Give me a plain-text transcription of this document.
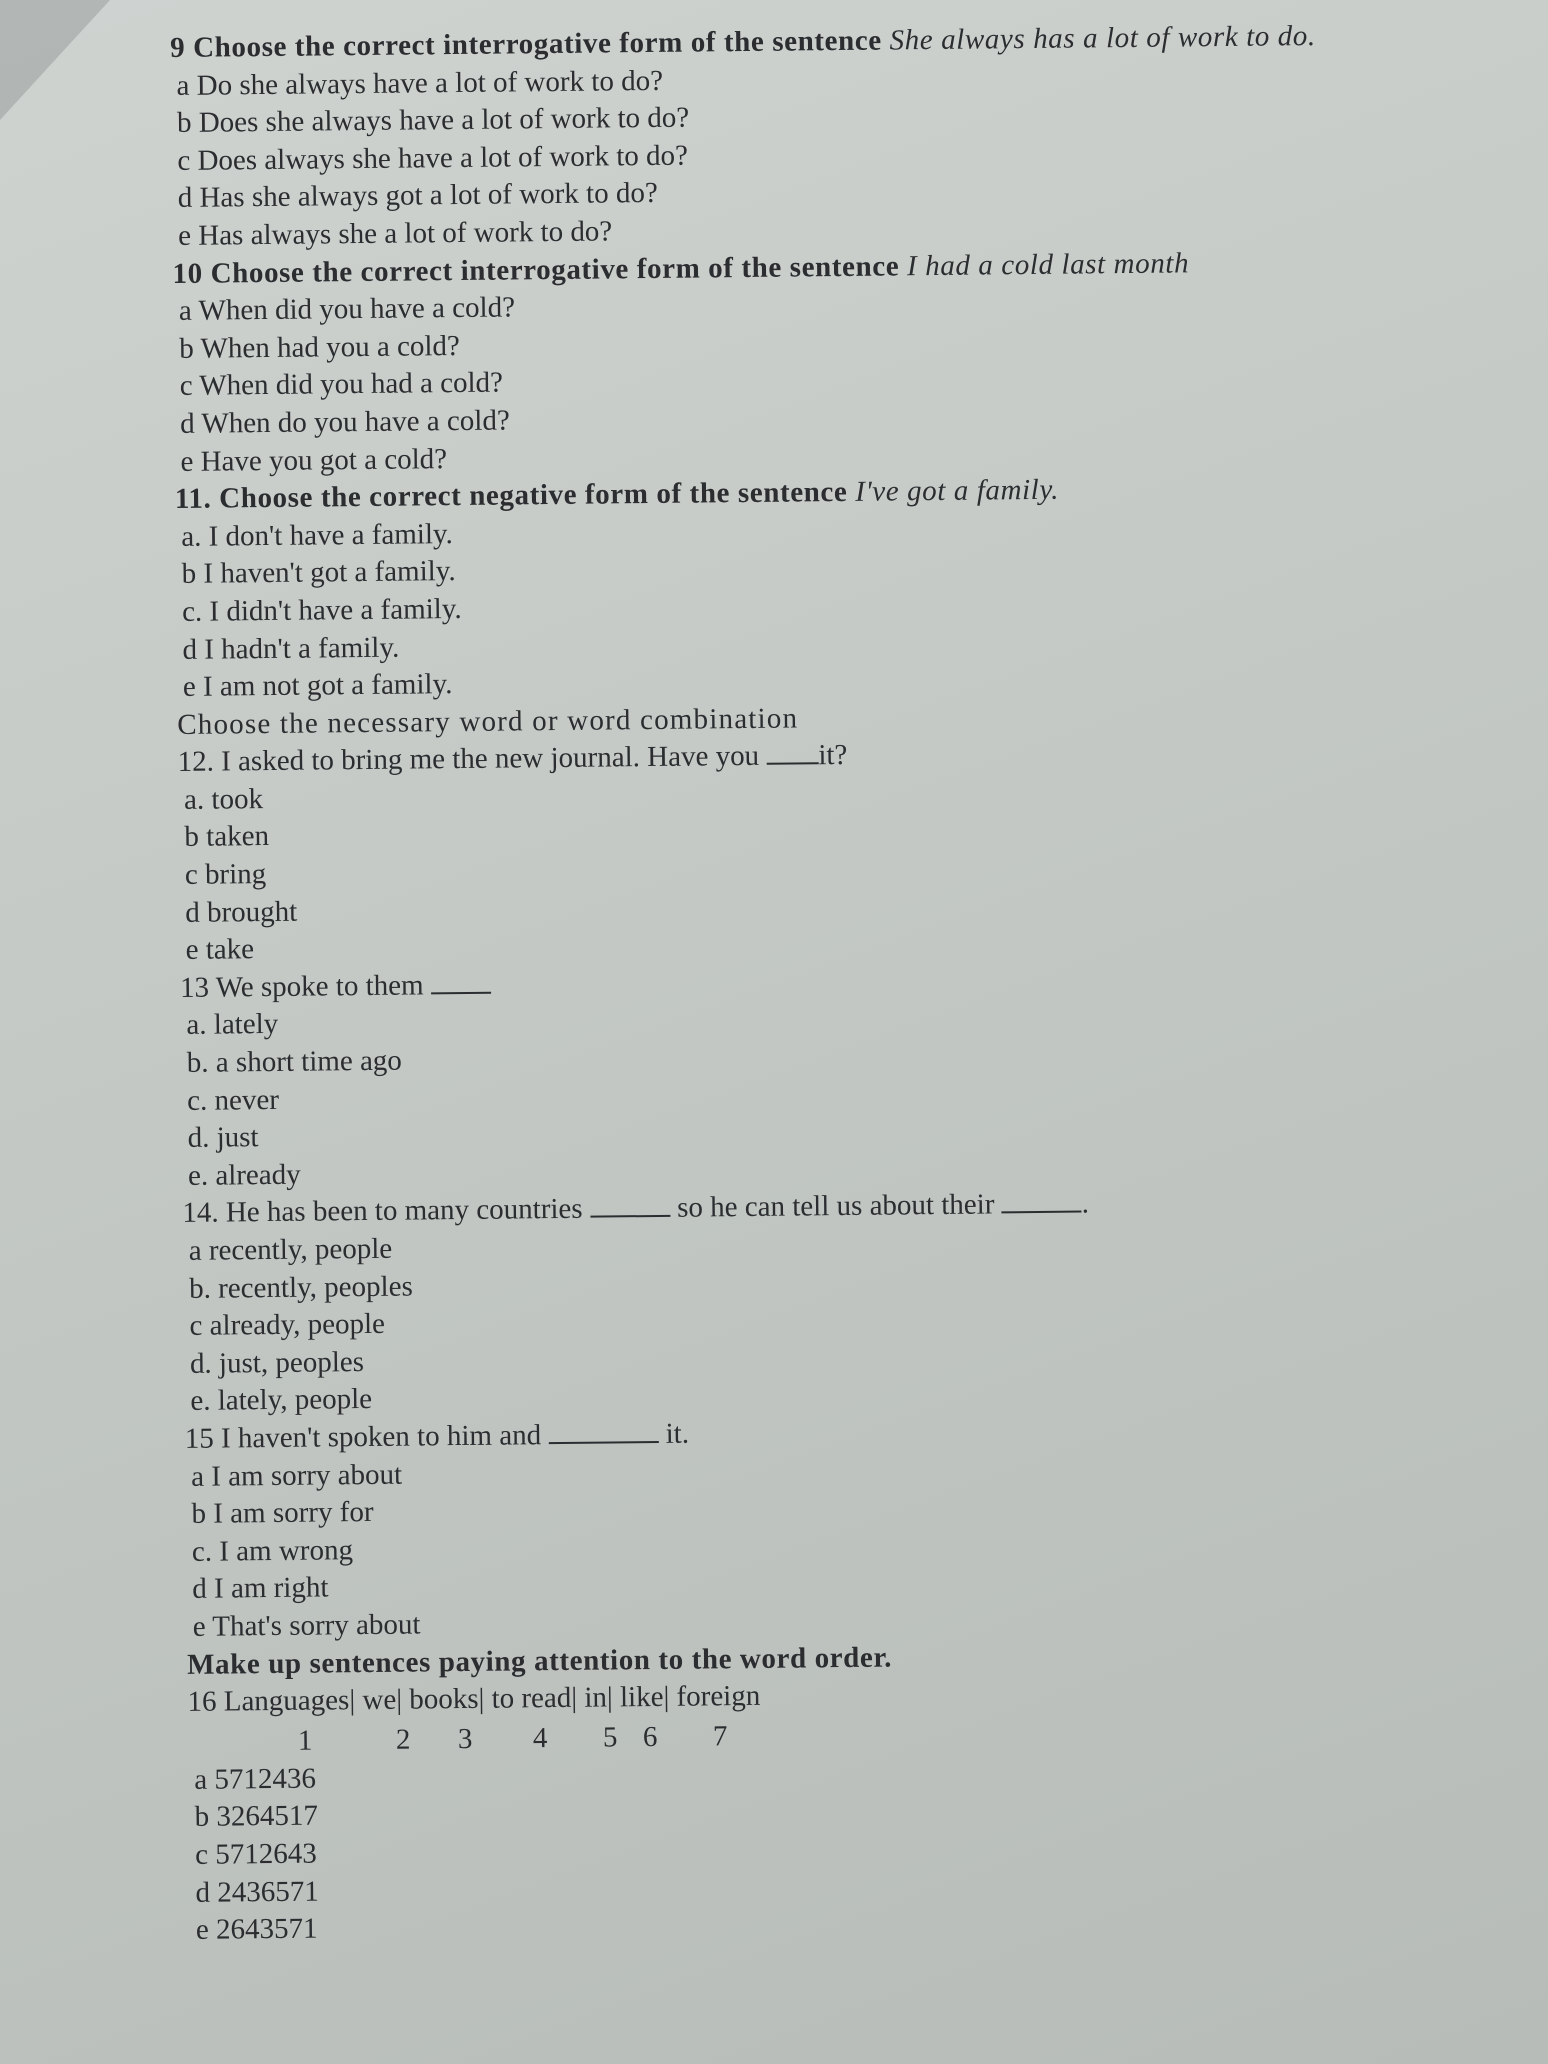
9 Choose the correct interrogative form of the sentence She always has a lot of work to do.
a Do she always have a lot of work to do?
b Does she always have a lot of work to do?
c Does always she have a lot of work to do?
d Has she always got a lot of work to do?
e Has always she a lot of work to do?
10 Choose the correct interrogative form of the sentence I had a cold last month
a When did you have a cold?
b When had you a cold?
c When did you had a cold?
d When do you have a cold?
e Have you got a cold?
11. Choose the correct negative form of the sentence I've got a family.
a. I don't have a family.
b I haven't got a family.
c. I didn't have a family.
d I hadn't a family.
e I am not got a family.
Choose the necessary word or word combination
12. I asked to bring me the new journal. Have you it?
a. took
b taken
c bring
d brought
e take
13 We spoke to them
a. lately
b. a short time ago
c. never
d. just
e. already
14. He has been to many countries	so he can tell us about their	.
a recently, people
b. recently, peoples
c already, people
d. just, peoples
e. lately, people
15 I haven't spoken to him and	it.
a I am sorry about
b I am sorry for
c. I am wrong
d I am right
e That's sorry about
Make up sentences paying attention to the word order.
16 Languages| we| books| to read| in| like| foreign
1	2 3 4 5 6 7
a 5712436
b 3264517
c 5712643
d 2436571
e 2643571
